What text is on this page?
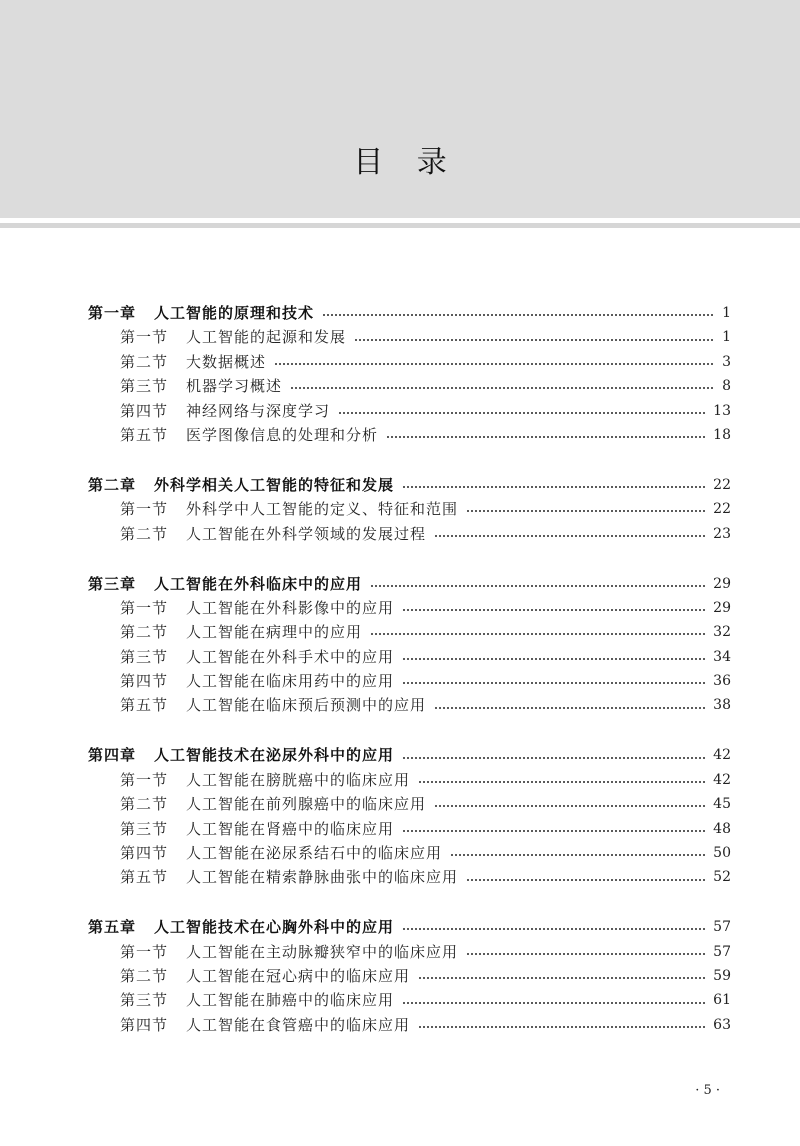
目 录
第一章	人工智能的原理和技术	1
第一节	人工智能的起源和发展	1
第二节	大数据概述	3
第三节	机器学习概述	8
第四节	神经网络与深度学习	13
第五节	医学图像信息的处理和分析	18
第二章	外科学相关人工智能的特征和发展	22
第一节	外科学中人工智能的定义、特征和范围	22
第二节	人工智能在外科学领域的发展过程	23
第三章	人工智能在外科临床中的应用	29
第一节	人工智能在外科影像中的应用	29
第二节	人工智能在病理中的应用	32
第三节	人工智能在外科手术中的应用	34
第四节	人工智能在临床用药中的应用	36
第五节	人工智能在临床预后预测中的应用	38
第四章	人工智能技术在泌尿外科中的应用	42
第一节	人工智能在膀胱癌中的临床应用	42
第二节	人工智能在前列腺癌中的临床应用	45
第三节	人工智能在肾癌中的临床应用	48
第四节	人工智能在泌尿系结石中的临床应用	50
第五节	人工智能在精索静脉曲张中的临床应用	52
第五章	人工智能技术在心胸外科中的应用	57
第一节	人工智能在主动脉瓣狭窄中的临床应用	57
第二节	人工智能在冠心病中的临床应用	59
第三节	人工智能在肺癌中的临床应用	61
第四节	人工智能在食管癌中的临床应用	63
· 5 ·
